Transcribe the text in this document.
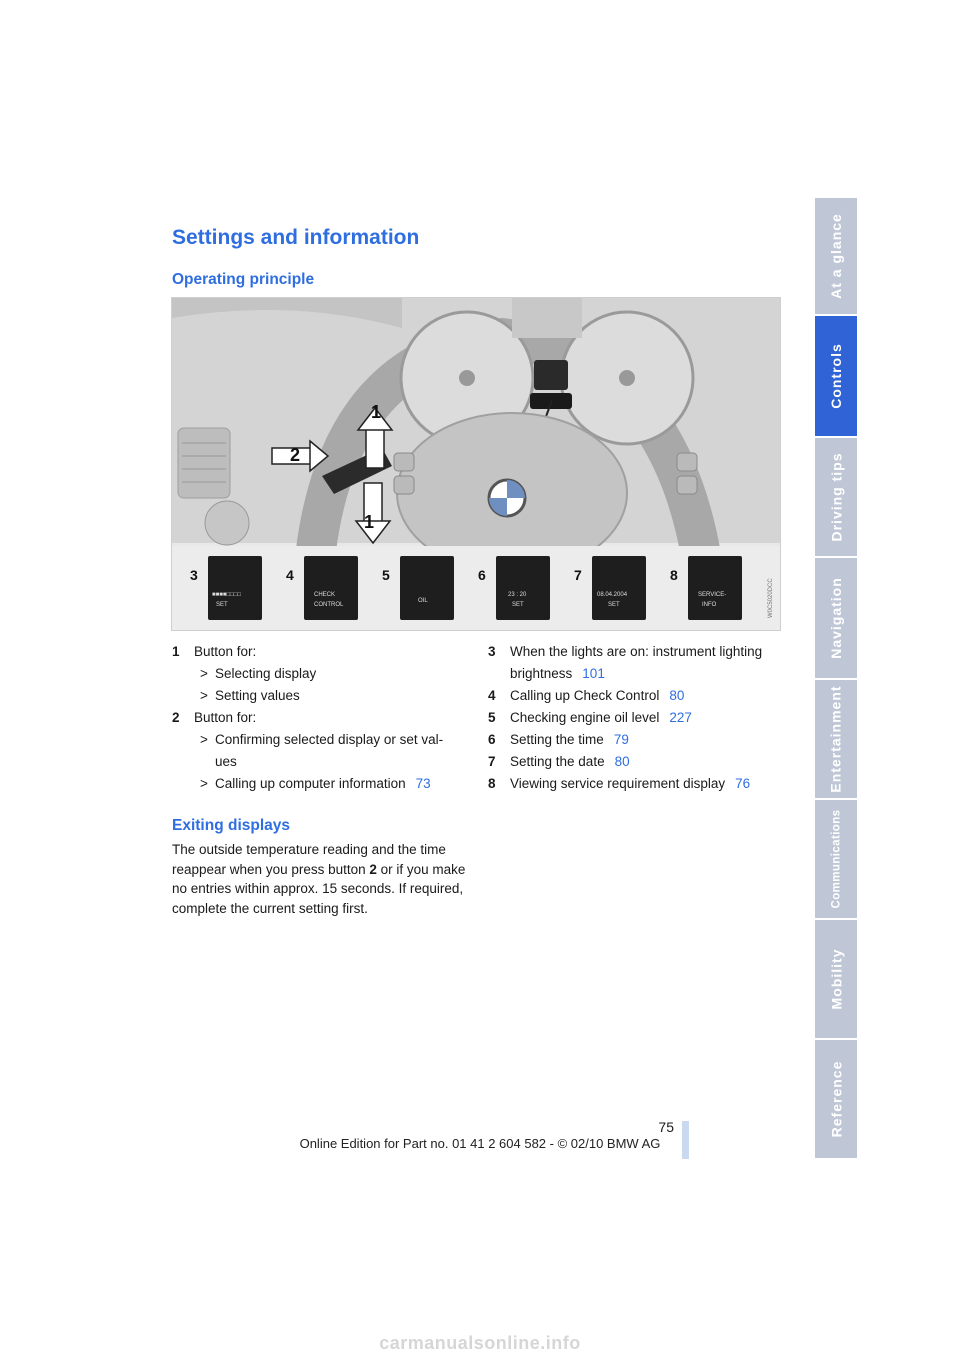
At a glance
Controls
Driving tips
Navigation
Entertainment
Communications
Mobility
Reference
Settings and information
Operating principle
1
2
1
3
■■■■□□□□
SET
4
CHECK
CONTROL
5
OIL
6
23 : 20
SET
7
08.04.2004
SET
8
SERVICE-
INFO	W0C5020DCC
1 Button for:
> Selecting display
> Setting values
2 Button for:
> Confirming selected display or set val-
ues
> Calling up computer information 73
3 When the lights are on: instrument lighting
brightness 101
4 Calling up Check Control 80
5 Checking engine oil level 227
6 Setting the time 79
7 Setting the date 80
8 Viewing service requirement display 76
Exiting displays

The outside temperature reading and the time reappear when you press button 2 or if you make no entries within approx. 15 seconds. If required, complete the current setting first.

75
Online Edition for Part no. 01 41 2 604 582 - © 02/10 BMW AG
carmanualsonline.info
